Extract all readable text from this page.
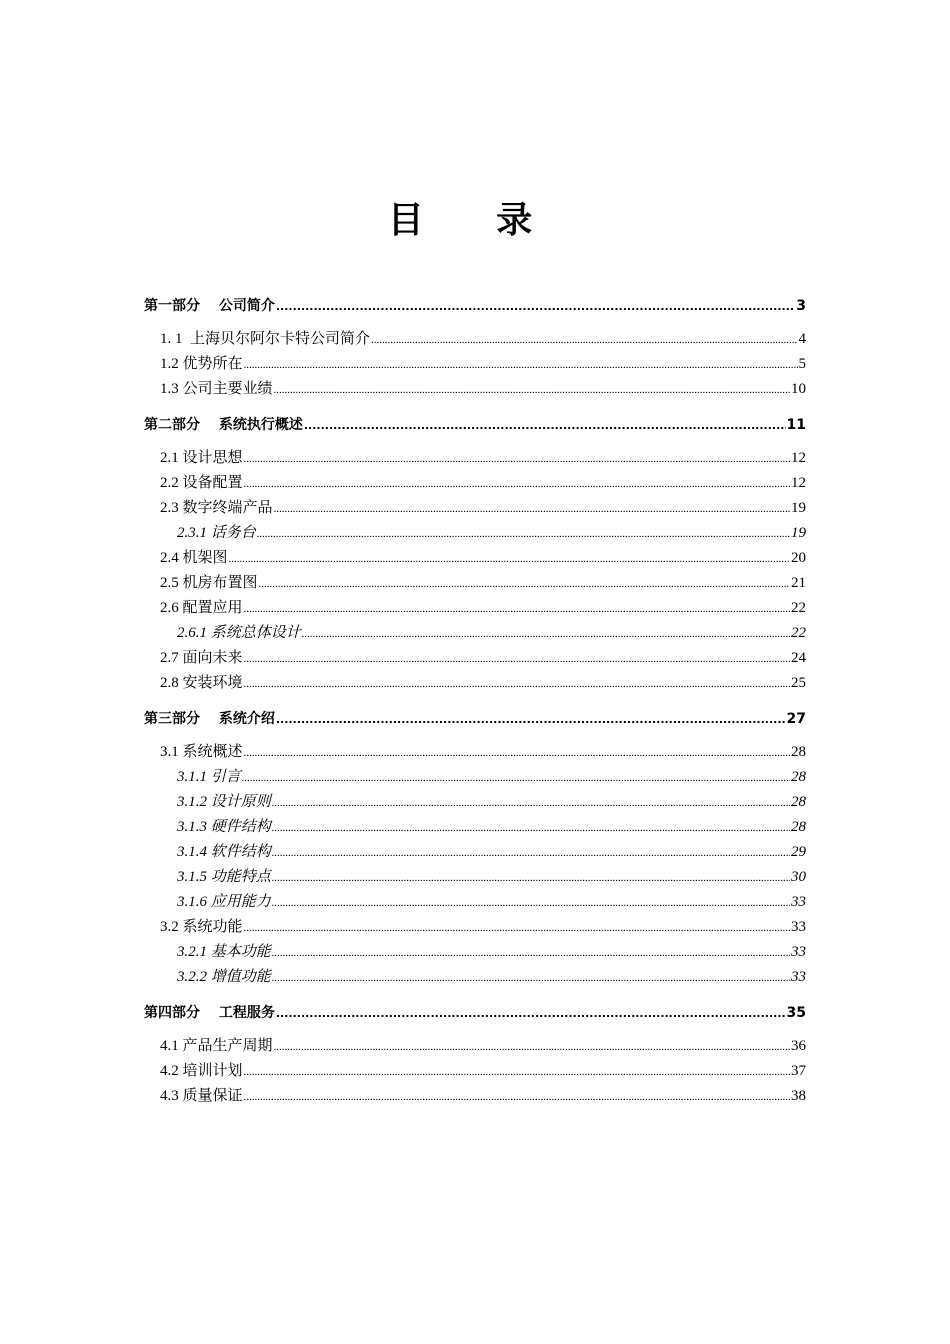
目 录
第一部分　 公司简介 .....	3
1. 1  上海贝尔阿尔卡特公司简介 .....	4
1.2 优势所在 .....	5
1.3 公司主要业绩 .....	10
第二部分　 系统执行概述 .....	11
2.1 设计思想 .....	12
2.2 设备配置 .....	12
2.3 数字终端产品 .....	19
2.3.1 话务台 .....	19
2.4 机架图 .....	20
2.5 机房布置图 .....	21
2.6 配置应用 .....	22
2.6.1 系统总体设计 .....	22
2.7 面向未来 .....	24
2.8 安装环境 .....	25
第三部分　 系统介绍 .....	27
3.1 系统概述 .....	28
3.1.1 引言 .....	28
3.1.2 设计原则 .....	28
3.1.3 硬件结构 .....	28
3.1.4 软件结构 .....	29
3.1.5 功能特点 .....	30
3.1.6 应用能力 .....	33
3.2 系统功能 .....	33
3.2.1 基本功能 .....	33
3.2.2 增值功能 .....	33
第四部分　 工程服务 .....	35
4.1 产品生产周期 .....	36
4.2 培训计划 .....	37
4.3 质量保证 .....	38
